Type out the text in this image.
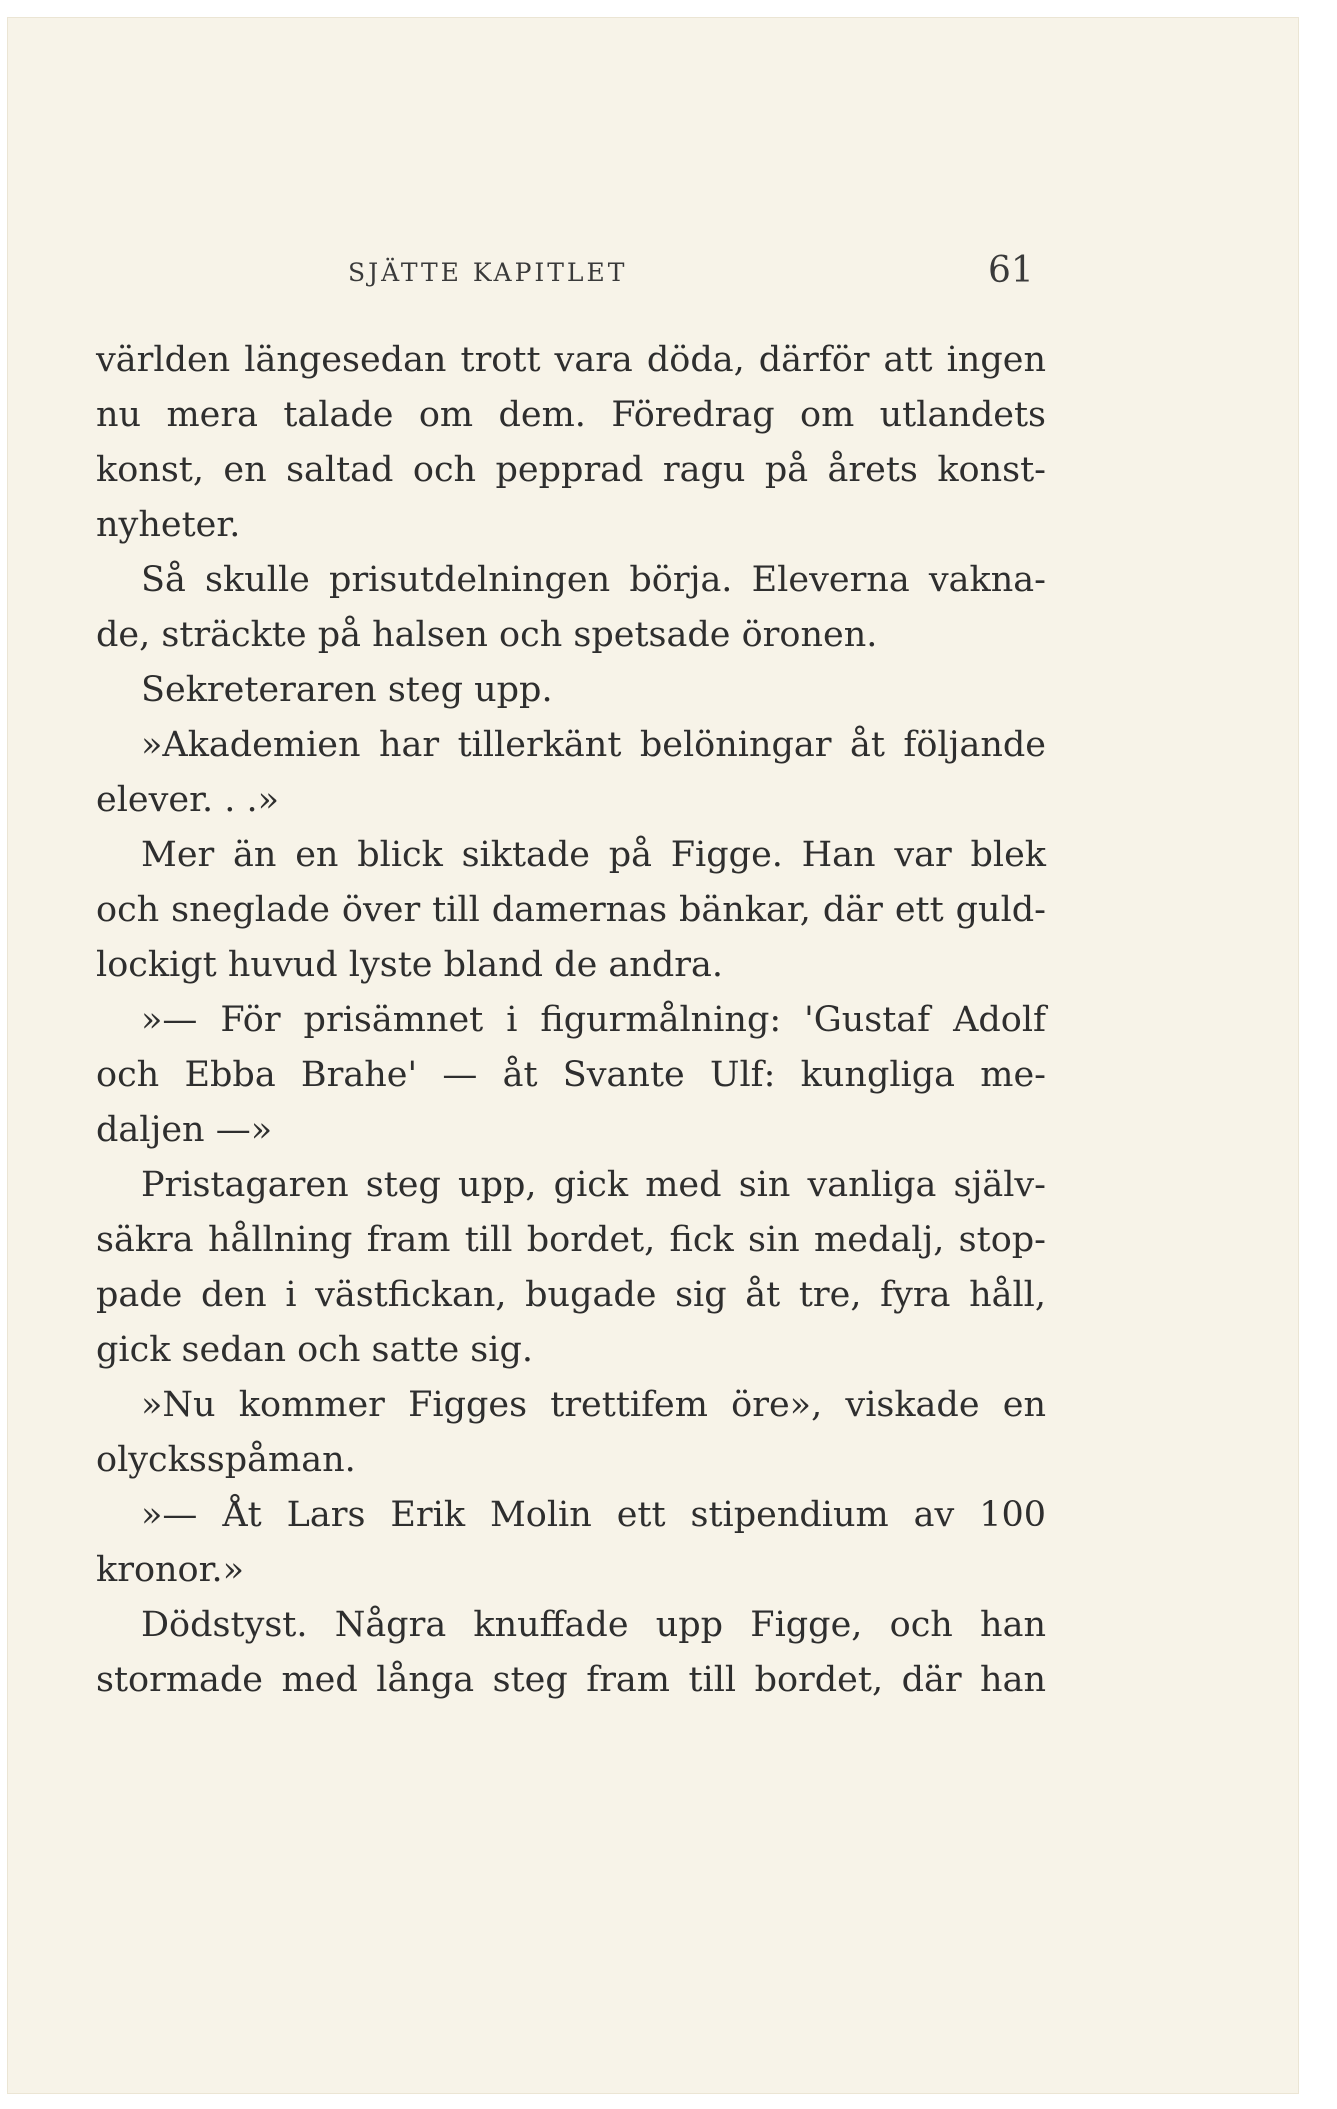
SJÄTTE KAPITLET	61
världen längesedan trott vara döda, därför att ingen
nu mera talade om dem. Föredrag om utlandets
konst, en saltad och pepprad ragu på årets konst-
nyheter.
Så skulle prisutdelningen börja. Eleverna vakna-
de, sträckte på halsen och spetsade öronen.
Sekreteraren steg upp.
»Akademien har tillerkänt belöningar åt följande
elever. . .»
Mer än en blick siktade på Figge. Han var blek
och sneglade över till damernas bänkar, där ett guld-
lockigt huvud lyste bland de andra.
»— För prisämnet i figurmålning: 'Gustaf Adolf
och Ebba Brahe' — åt Svante Ulf: kungliga me-
daljen —»
Pristagaren steg upp, gick med sin vanliga själv-
säkra hållning fram till bordet, fick sin medalj, stop-
pade den i västfickan, bugade sig åt tre, fyra håll,
gick sedan och satte sig.
»Nu kommer Figges trettifem öre», viskade en
olycksspåman.
»— Åt Lars Erik Molin ett stipendium av 100
kronor.»
Dödstyst. Några knuffade upp Figge, och han
stormade med långa steg fram till bordet, där han
